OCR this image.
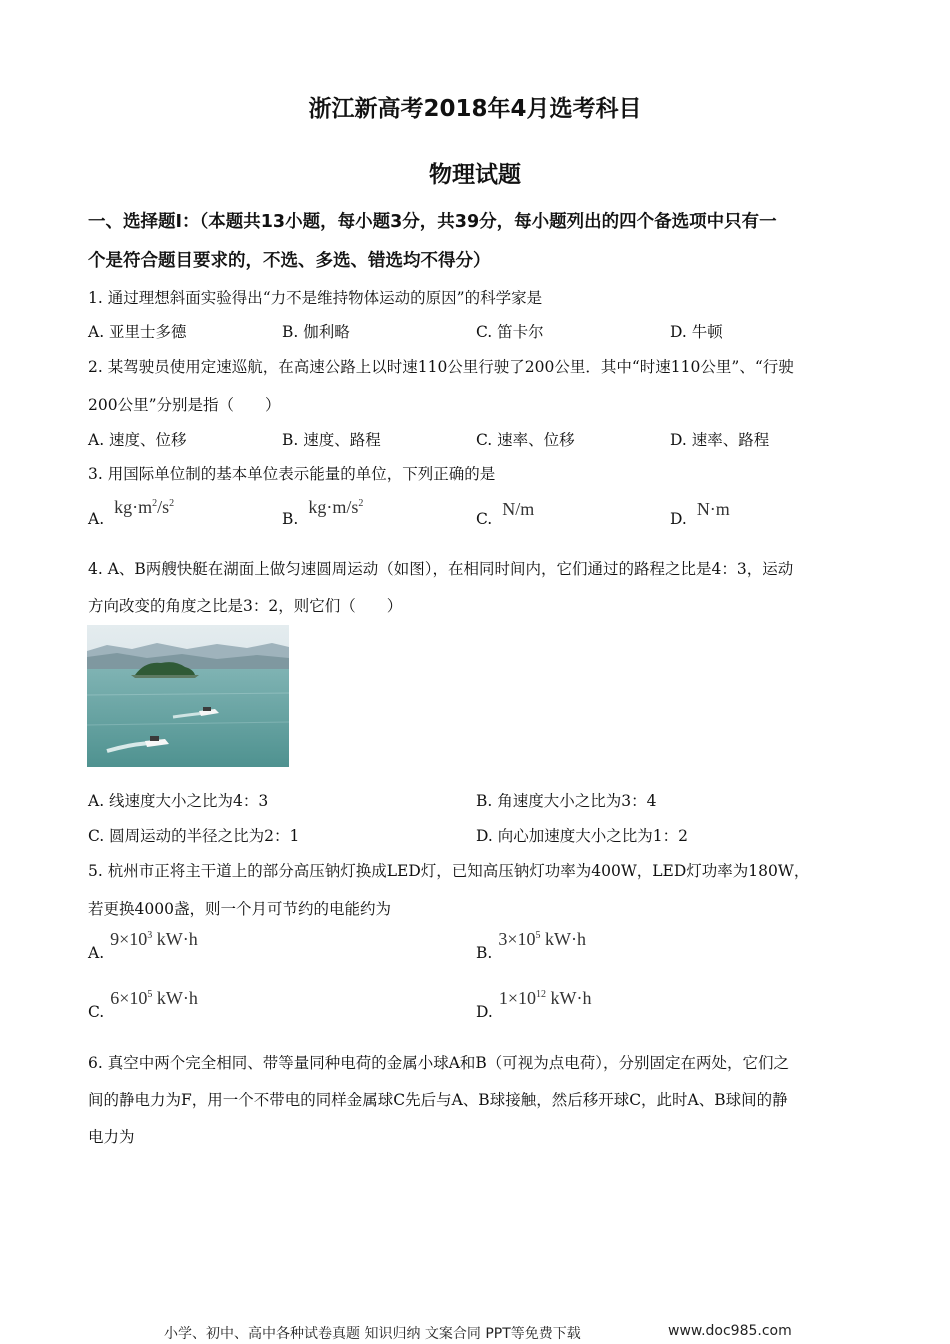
浙江新高考2018年4月选考科目
物理试题
一、选择题Ⅰ：（本题共13小题，每小题3分，共39分，每小题列出的四个备选项中只有一
个是符合题目要求的，不选、多选、错选均不得分）
1. 通过理想斜面实验得出“力不是维持物体运动的原因”的科学家是
A. 亚里士多德	B. 伽利略	C. 笛卡尔	D. 牛顿
2. 某驾驶员使用定速巡航，在高速公路上以时速110公里行驶了200公里．其中“时速110公里”、“行驶
200公里”分别是指（　　）
A. 速度、位移	B. 速度、路程	C. 速率、位移	D. 速率、路程
3. 用国际单位制的基本单位表示能量的单位，下列正确的是
A.
$kg\cdot m^2/s^2$
B.
$kg\cdot m/s^2$
C. N/m	D. N·m
4. A、B两艘快艇在湖面上做匀速圆周运动（如图），在相同时间内，它们通过的路程之比是4：3，运动
方向改变的角度之比是3：2，则它们（　　）
A. 线速度大小之比为4：3	B. 角速度大小之比为3：4
C. 圆周运动的半径之比为2：1	D. 向心加速度大小之比为1：2
5. 杭州市正将主干道上的部分高压钠灯换成LED灯，已知高压钠灯功率为400W，LED灯功率为180W，
若更换4000盏，则一个月可节约的电能约为
A.
$9\times 10^3$ kW·h
B.
$3\times 10^5$ kW·h
C.
$6\times 10^5$ kW·h
D.
$1\times 10^{12}$ kW·h
6. 真空中两个完全相同、带等量同种电荷的金属小球A和B（可视为点电荷），分别固定在两处，它们之
间的静电力为F，用一个不带电的同样金属球C先后与A、B球接触，然后移开球C，此时A、B球间的静
电力为
小学、初中、高中各种试卷真题 知识归纳 文案合同 PPT等免费下载	www.doc985.com
